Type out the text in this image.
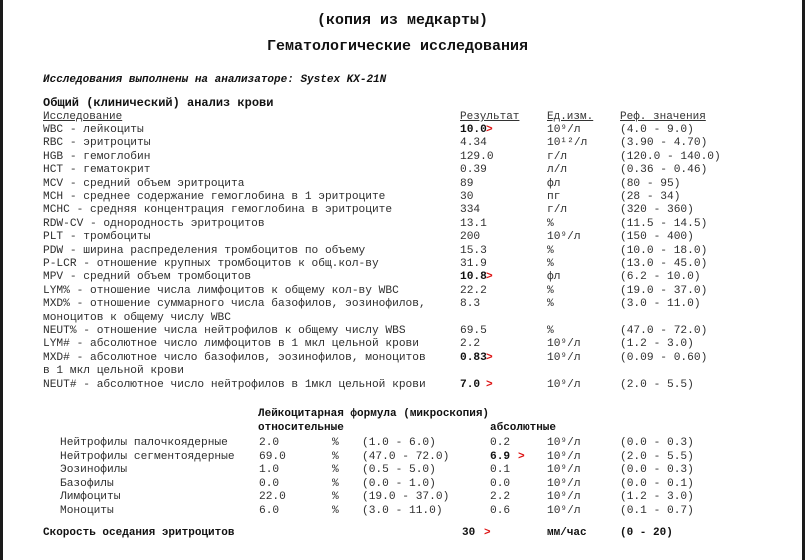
(копия из медкарты)
Гематологические исследования
Исследования выполнены на анализаторе: Systex KX-21N
Общий (клинический) анализ крови
Исследование	Результат	Ед.изм. Реф. значения
WBC - лейкоциты	10.0 >	10⁹/л	(4.0 - 9.0)
RBC - эритроциты	4.34	10¹²/л	(3.90 - 4.70)
HGB - гемоглобин	129.0	г/л	(120.0 - 140.0)
HCT - гематокрит	0.39	л/л	(0.36 - 0.46)
MCV - средний объем эритроцита	89	фл	(80 - 95)
MCH - среднее содержание гемоглобина в 1 эритроците	30	пг	(28 - 34)
MCHC - средняя концентрация гемоглобина в эритроците	334	г/л	(320 - 360)
RDW-CV - однородность эритроцитов	13.1	%	(11.5 - 14.5)
PLT - тромбоциты	200	10⁹/л	(150 - 400)
PDW - ширина распределения тромбоцитов по объему	15.3	%	(10.0 - 18.0)
P-LCR - отношение крупных тромбоцитов к общ.кол-ву	31.9	%	(13.0 - 45.0)
MPV - средний объем тромбоцитов	10.8 >	фл	(6.2 - 10.0)
LYM% - отношение числа лимфоцитов к общему кол-ву WBC	22.2	%	(19.0 - 37.0)
MXD% - отношение суммарного числа базофилов, эозинофилов,	8.3	%	(3.0 - 11.0)
моноцитов к общему числу WBC
NEUT% - отношение числа нейтрофилов к общему числу WBS	69.5	%	(47.0 - 72.0)
LYM# - абсолютное число лимфоцитов в 1 мкл цельной крови	2.2	10⁹/л	(1.2 - 3.0)
MXD# - абсолютное число базофилов, эозинофилов, моноцитов	0.83 >	10⁹/л	(0.09 - 0.60)
в 1 мкл цельной крови
NEUT# - абсолютное число нейтрофилов в 1мкл цельной крови	7.0 >	10⁹/л	(2.0 - 5.5)
Лейкоцитарная формула (микроскопия)
относительные	абсолютные
Нейтрофилы палочкоядерные	2.0	% (1.0 - 6.0)	0.2	10⁹/л	(0.0 - 0.3)
Нейтрофилы сегментоядерные 69.0	% (47.0 - 72.0)	6.9 > 10⁹/л	(2.0 - 5.5)
Эозинофилы	1.0	% (0.5 - 5.0)	0.1	10⁹/л	(0.0 - 0.3)
Базофилы	0.0	% (0.0 - 1.0)	0.0	10⁹/л	(0.0 - 0.1)
Лимфоциты	22.0	% (19.0 - 37.0)	2.2	10⁹/л	(1.2 - 3.0)
Моноциты	6.0	% (3.0 - 11.0)	0.6	10⁹/л	(0.1 - 0.7)
Скорость оседания эритроцитов	30 >	мм/час	(0 - 20)
